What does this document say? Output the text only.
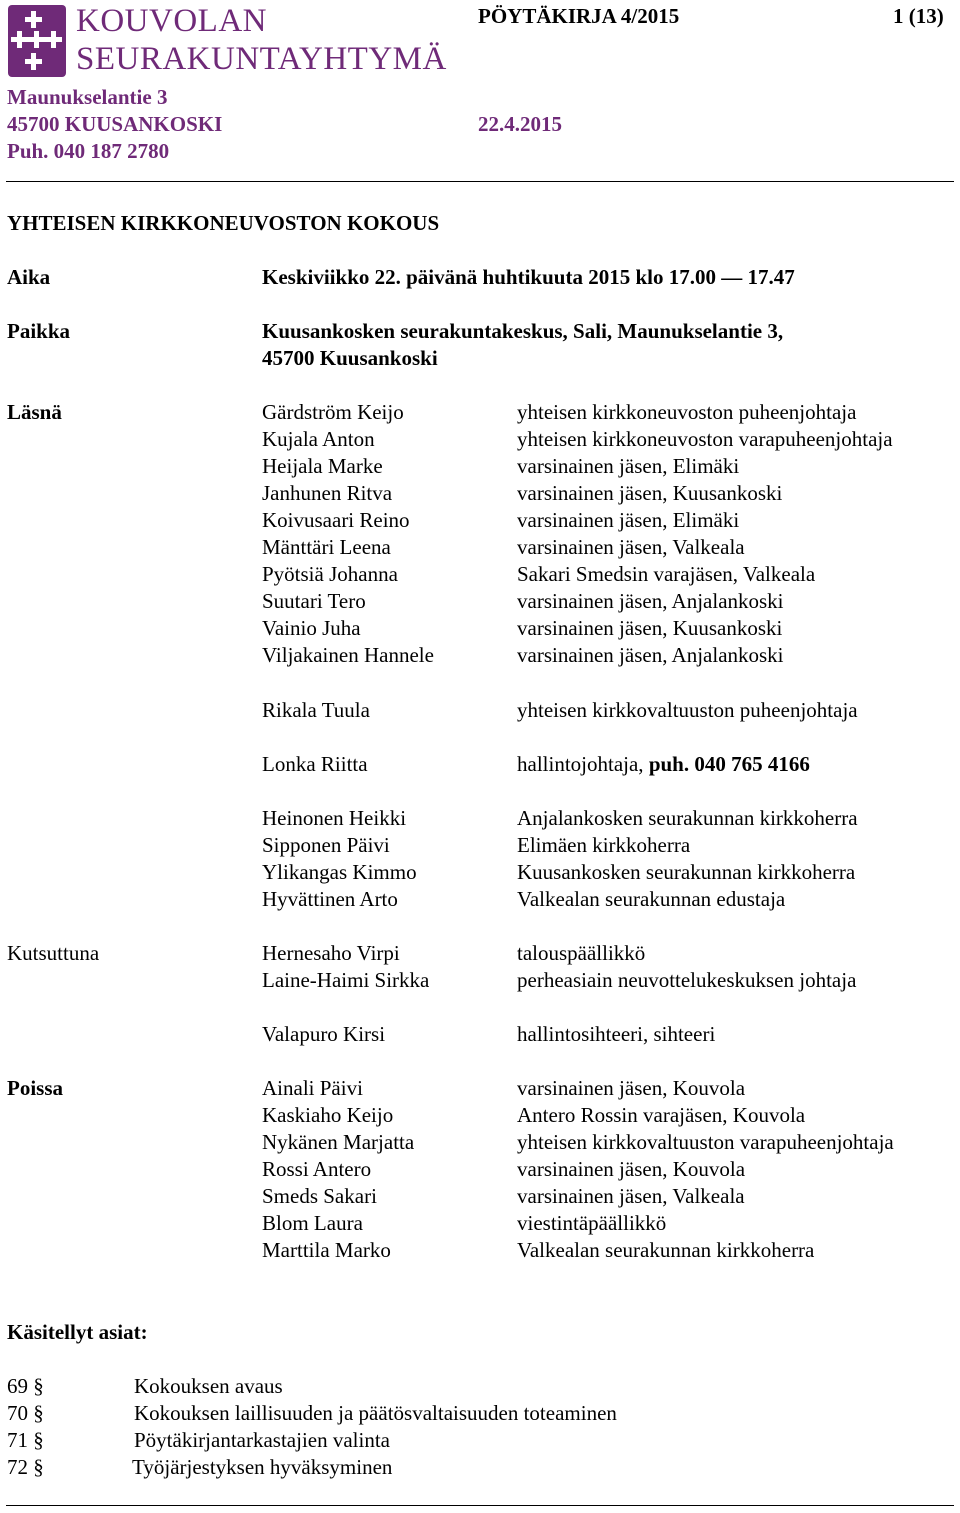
KOUVOLAN
SEURAKUNTAYHTYMÄ
PÖYTÄKIRJA 4/2015	1 (13)
Maunukselantie 3
45700 KUUSANKOSKI	22.4.2015
Puh. 040 187 2780
YHTEISEN KIRKKONEUVOSTON KOKOUS
Aika	Keskiviikko 22. päivänä huhtikuuta 2015 klo 17.00 — 17.47
Paikka	Kuusankosken seurakuntakeskus, Sali, Maunukselantie 3,
45700 Kuusankoski
Läsnä	Gärdström Keijo	yhteisen kirkkoneuvoston puheenjohtaja
Kujala Anton	yhteisen kirkkoneuvoston varapuheenjohtaja
Heijala Marke	varsinainen jäsen, Elimäki
Janhunen Ritva	varsinainen jäsen, Kuusankoski
Koivusaari Reino	varsinainen jäsen, Elimäki
Mänttäri Leena	varsinainen jäsen, Valkeala
Pyötsiä Johanna	Sakari Smedsin varajäsen, Valkeala
Suutari Tero	varsinainen jäsen, Anjalankoski
Vainio Juha	varsinainen jäsen, Kuusankoski
Viljakainen Hannele	varsinainen jäsen, Anjalankoski
Rikala Tuula	yhteisen kirkkovaltuuston puheenjohtaja
Lonka Riitta	hallintojohtaja, puh. 040 765 4166
Heinonen Heikki	Anjalankosken seurakunnan kirkkoherra
Sipponen Päivi	Elimäen kirkkoherra
Ylikangas Kimmo	Kuusankosken seurakunnan kirkkoherra
Hyvättinen Arto	Valkealan seurakunnan edustaja
Kutsuttuna	Hernesaho Virpi	talouspäällikkö
Laine-Haimi Sirkka	perheasiain neuvottelukeskuksen johtaja
Valapuro Kirsi	hallintosihteeri, sihteeri
Poissa	Ainali Päivi	varsinainen jäsen, Kouvola
Kaskiaho Keijo	Antero Rossin varajäsen, Kouvola
Nykänen Marjatta	yhteisen kirkkovaltuuston varapuheenjohtaja
Rossi Antero	varsinainen jäsen, Kouvola
Smeds Sakari	varsinainen jäsen, Valkeala
Blom Laura	viestintäpäällikkö
Marttila Marko	Valkealan seurakunnan kirkkoherra
Käsitellyt asiat:
69 §	Kokouksen avaus
70 §	Kokouksen laillisuuden ja päätösvaltaisuuden toteaminen
71 §	Pöytäkirjantarkastajien valinta
72 §	Työjärjestyksen hyväksyminen
